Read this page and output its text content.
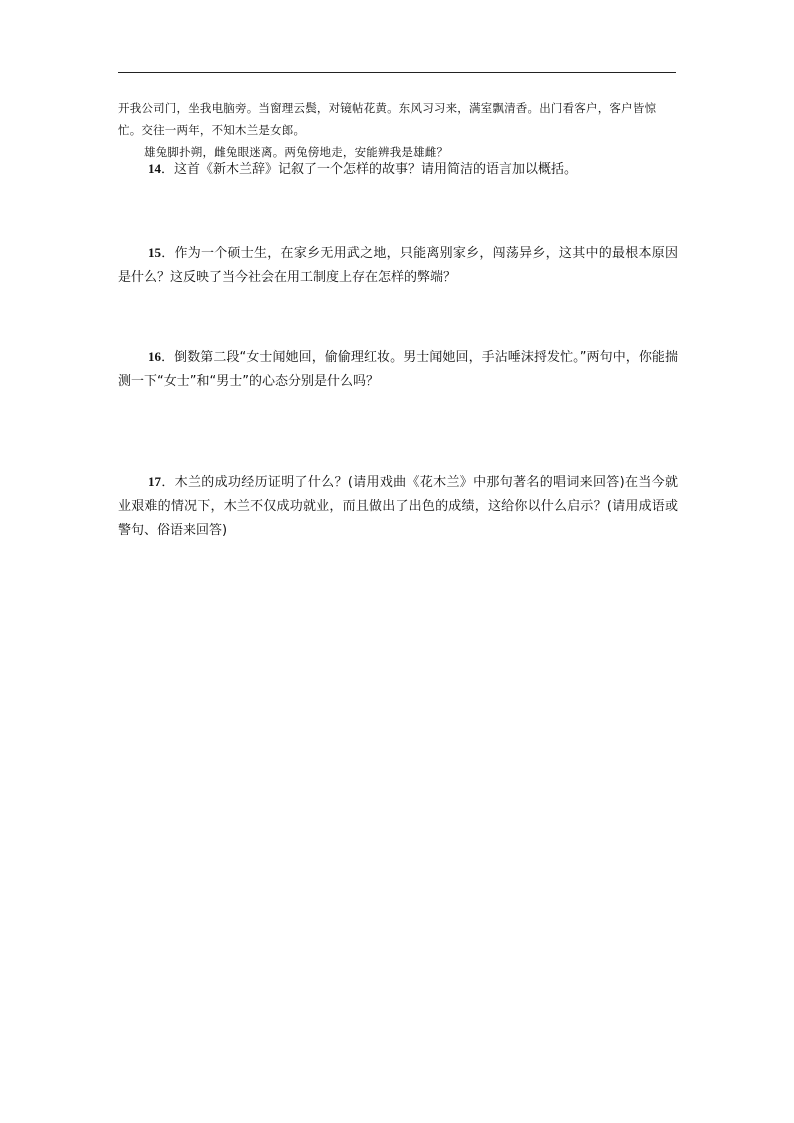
开我公司门，坐我电脑旁。当窗理云鬓，对镜帖花黄。东风习习来，满室飘清香。出门看客户，客户皆惊忙。交往一两年，不知木兰是女郎。

雄兔脚扑朔，雌兔眼迷离。两兔傍地走，安能辨我是雄雌？

14．这首《新木兰辞》记叙了一个怎样的故事？请用简洁的语言加以概括。

15．作为一个硕士生，在家乡无用武之地，只能离别家乡，闯荡异乡，这其中的最根本原因是什么？这反映了当今社会在用工制度上存在怎样的弊端？

16．倒数第二段“女士闻她回，偷偷理红妆。男士闻她回，手沾唾沫捋发忙。”两句中，你能揣测一下“女士”和“男士”的心态分别是什么吗？

17．木兰的成功经历证明了什么？(请用戏曲《花木兰》中那句著名的唱词来回答)在当今就业艰难的情况下，木兰不仅成功就业，而且做出了出色的成绩，这给你以什么启示？(请用成语或警句、俗语来回答)
